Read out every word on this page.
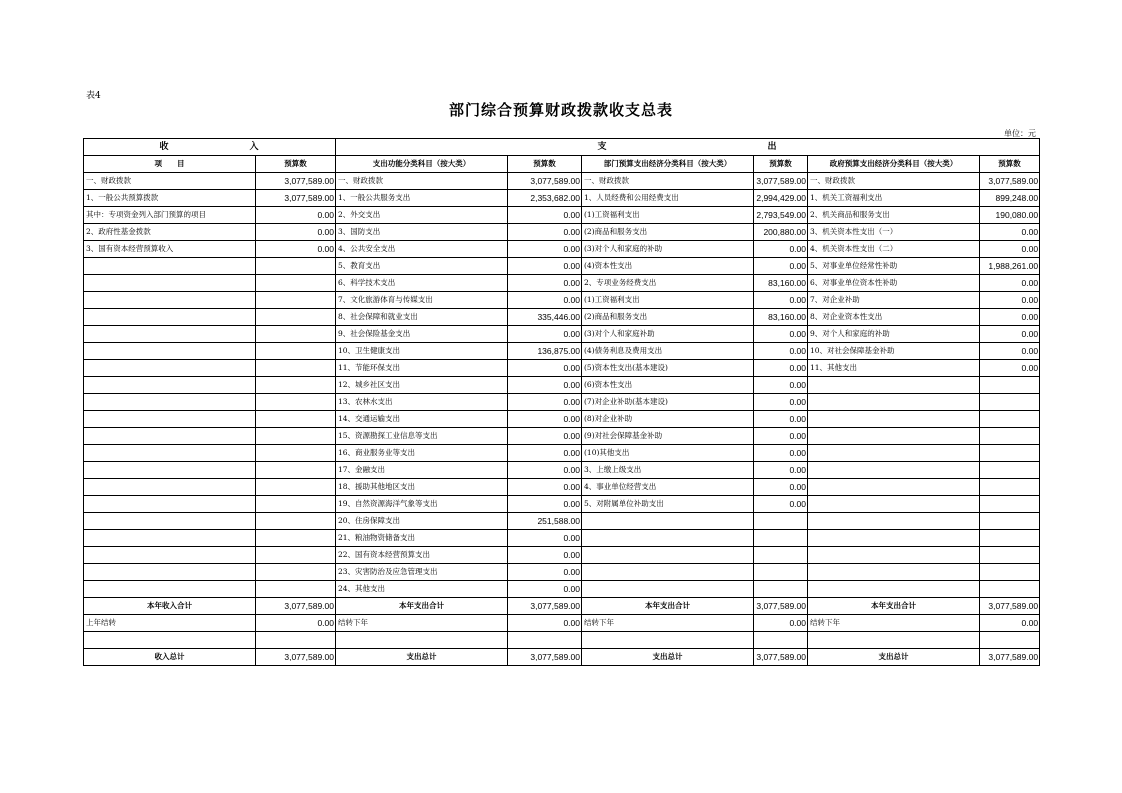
表4
部门综合预算财政拨款收支总表
单位：元
收 入		支 出					
项　　目	预算数	支出功能分类科目（按大类）	预算数	部门预算支出经济分类科目（按大类）	预算数	政府预算支出经济分类科目（按大类）	预算数
一、财政拨款	3,077,589.00	一、财政拨款	3,077,589.00	一、财政拨款	3,077,589.00	一、财政拨款	3,077,589.00
1、一般公共预算拨款	3,077,589.00	1、一般公共服务支出	2,353,682.00	1、人员经费和公用经费支出	2,994,429.00	1、机关工资福利支出	899,248.00
其中：专项资金列入部门预算的项目	0.00	2、外交支出	0.00	(1)工资福利支出	2,793,549.00	2、机关商品和服务支出	190,080.00
2、政府性基金拨款	0.00	3、国防支出	0.00	(2)商品和服务支出	200,880.00	3、机关资本性支出（一）	0.00
3、国有资本经营预算收入	0.00	4、公共安全支出	0.00	(3)对个人和家庭的补助	0.00	4、机关资本性支出（二）	0.00
		5、教育支出	0.00	(4)资本性支出	0.00	5、对事业单位经常性补助	1,988,261.00
		6、科学技术支出	0.00	2、专项业务经费支出	83,160.00	6、对事业单位资本性补助	0.00
		7、文化旅游体育与传媒支出	0.00	(1)工资福利支出	0.00	7、对企业补助	0.00
		8、社会保障和就业支出	335,446.00	(2)商品和服务支出	83,160.00	8、对企业资本性支出	0.00
		9、社会保险基金支出	0.00	(3)对个人和家庭补助	0.00	9、对个人和家庭的补助	0.00
		10、卫生健康支出	136,875.00	(4)债务利息及费用支出	0.00	10、对社会保障基金补助	0.00
		11、节能环保支出	0.00	(5)资本性支出(基本建设)	0.00	11、其他支出	0.00
		12、城乡社区支出	0.00	(6)资本性支出	0.00		
		13、农林水支出	0.00	(7)对企业补助(基本建设)	0.00		
		14、交通运输支出	0.00	(8)对企业补助	0.00		
		15、资源勘探工业信息等支出	0.00	(9)对社会保障基金补助	0.00		
		16、商业服务业等支出	0.00	(10)其他支出	0.00		
		17、金融支出	0.00	3、上缴上级支出	0.00		
		18、援助其他地区支出	0.00	4、事业单位经营支出	0.00		
		19、自然资源海洋气象等支出	0.00	5、对附属单位补助支出	0.00		
		20、住房保障支出	251,588.00				
		21、粮油物资储备支出	0.00				
		22、国有资本经营预算支出	0.00				
		23、灾害防治及应急管理支出	0.00				
		24、其他支出	0.00				
本年收入合计	3,077,589.00	本年支出合计	3,077,589.00	本年支出合计	3,077,589.00	本年支出合计	3,077,589.00
上年结转	0.00	结转下年	0.00	结转下年	0.00	结转下年	0.00

收入总计	3,077,589.00	支出总计	3,077,589.00	支出总计	3,077,589.00	支出总计	3,077,589.00
